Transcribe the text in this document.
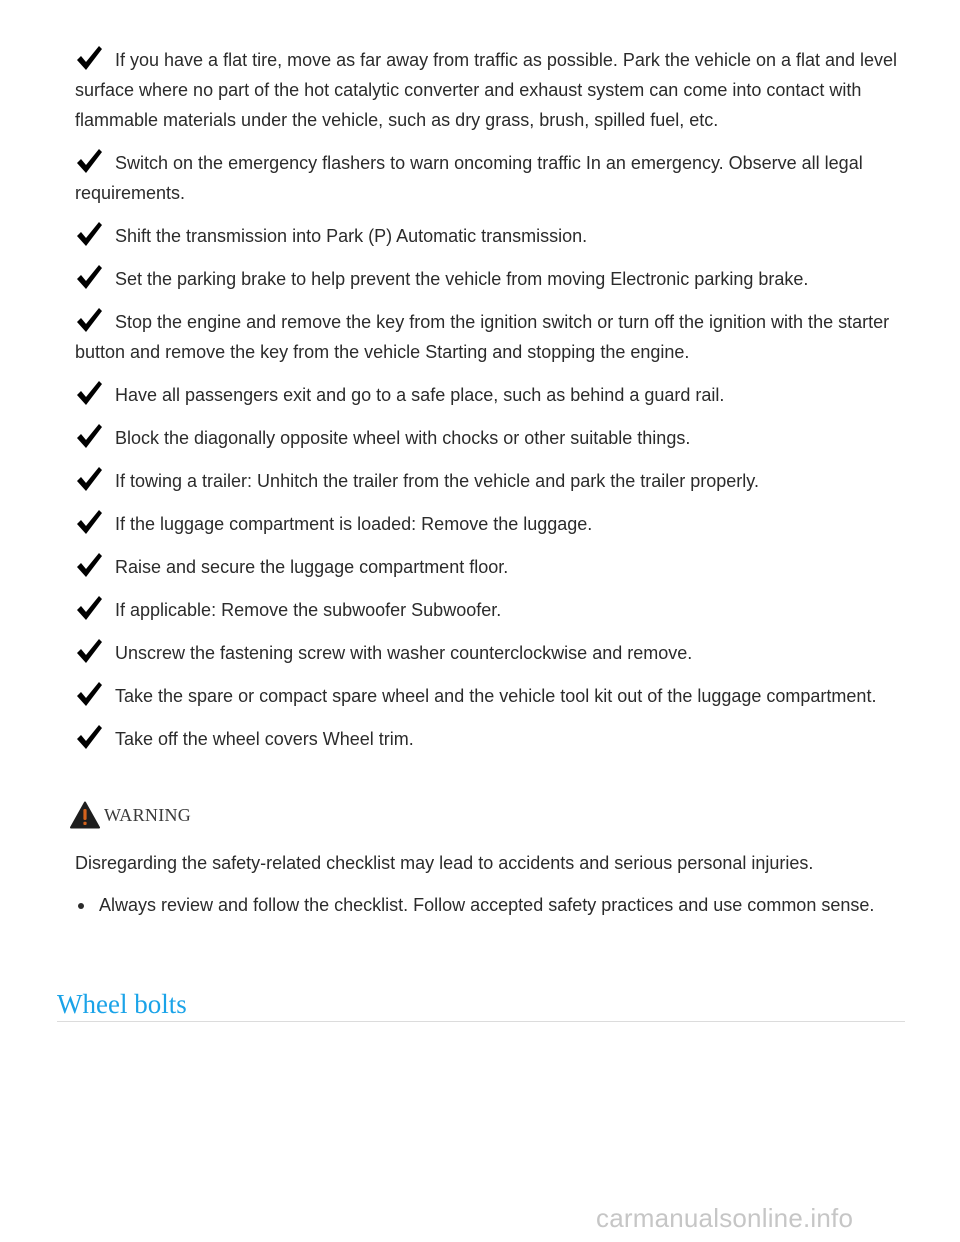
If you have a flat tire, move as far away from traffic as possible. Park the vehicle on a flat and level surface where no part of the hot catalytic converter and exhaust system can come into contact with flammable materials under the vehicle, such as dry grass, brush, spilled fuel, etc.

Switch on the emergency flashers to warn oncoming traffic In an emergency. Observe all legal requirements.

Shift the transmission into Park (P) Automatic transmission.

Set the parking brake to help prevent the vehicle from moving Electronic parking brake.

Stop the engine and remove the key from the ignition switch or turn off the ignition with the starter button and remove the key from the vehicle Starting and stopping the engine.

Have all passengers exit and go to a safe place, such as behind a guard rail.

Block the diagonally opposite wheel with chocks or other suitable things.

If towing a trailer: Unhitch the trailer from the vehicle and park the trailer properly.

If the luggage compartment is loaded: Remove the luggage.

Raise and secure the luggage compartment floor.

If applicable: Remove the subwoofer Subwoofer.

Unscrew the fastening screw with washer counterclockwise and remove.

Take the spare or compact spare wheel and the vehicle tool kit out of the luggage compartment.

Take off the wheel covers Wheel trim.

WARNING

Disregarding the safety-related checklist may lead to accidents and serious personal injuries.

Always review and follow the checklist. Follow accepted safety practices and use common sense.
Wheel bolts
carmanualsonline.info
